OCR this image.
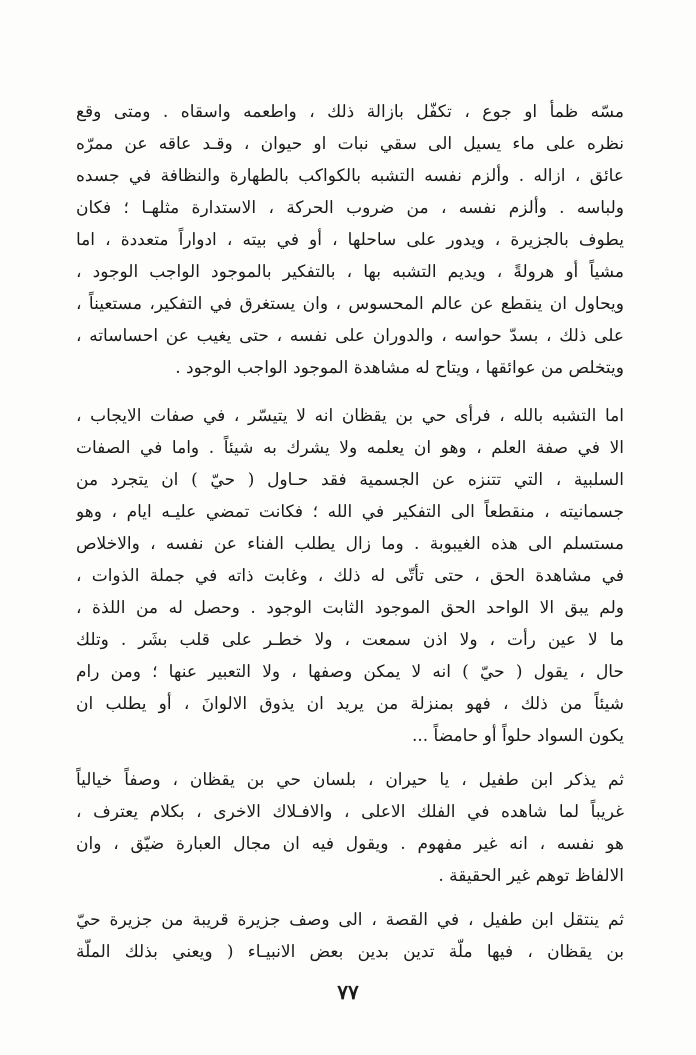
مسّه ظمأ او جوع ، تكفّل بازالة ذلك ، واطعمه واسقاه . ومتى وقع
نظره على ماء يسيل الى سقي نبات او حيوان ، وقـد عاقه عن ممرّه
عائق ، ازاله . وألزم نفسه التشبه بالكواكب بالطهارة والنظافة في جسده
ولباسه . وألزم نفسه ، من ضروب الحركة ، الاستدارة مثلهـا ؛ فكان
يطوف بالجزيرة ، ويدور على ساحلها ، أو في بيته ، ادواراً متعددة ، اما
مشياً أو هرولةً ، ويديم التشبه بها ، بالتفكير بالموجود الواجب الوجود ،
ويحاول ان ينقطع عن عالم المحسوس ، وان يستغرق في التفكير، مستعيناً ،
على ذلك ، بسدّ حواسه ، والدوران على نفسه ، حتى يغيب عن احساساته ،
ويتخلص من عوائقها ، ويتاح له مشاهدة الموجود الواجب الوجود .
اما التشبه بالله ، فرأى حي بن يقظان انه لا يتيسّر ، في صفات الايجاب ،
الا في صفة العلم ، وهو ان يعلمه ولا يشرك به شيئاً . واما في الصفات
السلبية ، التي تتنزه عن الجسمية فقد حـاول ( حيّ ) ان يتجرد من
جسمانيته ، منقطعاً الى التفكير في الله ؛ فكانت تمضي عليـه ايام ، وهو
مستسلم الى هذه الغيبوبة . وما زال يطلب الفناء عن نفسه ، والاخلاص
في مشاهدة الحق ، حتى تأتّى له ذلك ، وغابت ذاته في جملة الذوات ،
ولم يبق الا الواحد الحق الموجود الثابت الوجود . وحصل له من اللذة ،
ما لا عين رأت ، ولا اذن سمعت ، ولا خطـر على قلب بشَر . وتلك
حال ، يقول ( حيّ ) انه لا يمكن وصفها ، ولا التعبير عنها ؛ ومن رام
شيئاً من ذلك ، فهو بمنزلة من يريد ان يذوق الالوانَ ، أو يطلب ان
يكون السواد حلواً أو حامضاً ...
ثم يذكر ابن طفيل ، يا حيران ، بلسان حي بن يقظان ، وصفاً خيالياً
غريباً لما شاهده في الفلك الاعلى ، والافـلاك الاخرى ، بكلام يعترف ،
هو نفسه ، انه غير مفهوم . ويقول فيه ان مجال العبارة ضيّق ، وان
الالفاظ توهم غير الحقيقة .
ثم ينتقل ابن طفيل ، في القصة ، الى وصف جزيرة قريبة من جزيرة حيّ
بن يقظان ، فيها ملّة تدين بدين بعض الانبيـاء ( ويعني بذلك الملّة
٧٧
